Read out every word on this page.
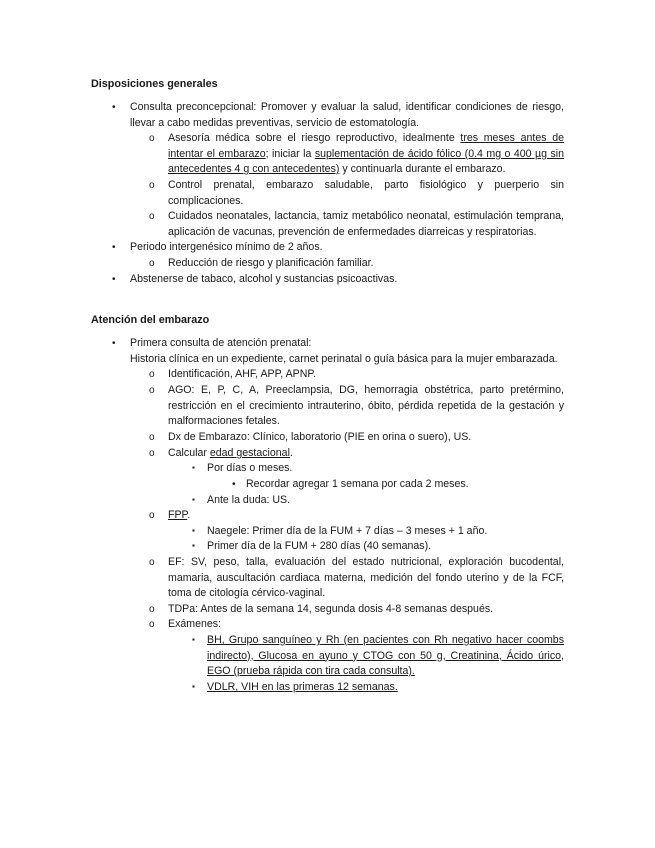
Disposiciones generales
• Consulta preconcepcional: Promover y evaluar la salud, identificar condiciones de riesgo, llevar a cabo medidas preventivas, servicio de estomatología.
o Asesoría médica sobre el riesgo reproductivo, idealmente tres meses antes de intentar el embarazo; iniciar la suplementación de ácido fólico (0.4 mg o 400 µg sin antecedentes 4 g con antecedentes) y continuarla durante el embarazo.
o Control prenatal, embarazo saludable, parto fisiológico y puerperio sin complicaciones.
o Cuidados neonatales, lactancia, tamiz metabólico neonatal, estimulación temprana, aplicación de vacunas, prevención de enfermedades diarreicas y respiratorias.
• Periodo intergenésico mínimo de 2 años.
o Reducción de riesgo y planificación familiar.
• Abstenerse de tabaco, alcohol y sustancias psicoactivas.
Atención del embarazo
• Primera consulta de atención prenatal:
Historia clínica en un expediente, carnet perinatal o guía básica para la mujer embarazada.
o Identificación, AHF, APP, APNP.
o AGO: E, P, C, A, Preeclampsia, DG, hemorragia obstétrica, parto pretérmino, restricción en el crecimiento intrauterino, óbito, pérdida repetida de la gestación y malformaciones fetales.
o Dx de Embarazo: Clínico, laboratorio (PIE en orina o suero), US.
o Calcular edad gestacional.
▪ Por días o meses.
• Recordar agregar 1 semana por cada 2 meses.
▪ Ante la duda: US.
o FPP.
▪ Naegele: Primer día de la FUM + 7 días – 3 meses + 1 año.
▪ Primer día de la FUM + 280 días (40 semanas).
o EF: SV, peso, talla, evaluación del estado nutricional, exploración bucodental, mamaria, auscultación cardiaca materna, medición del fondo uterino y de la FCF, toma de citología cérvico-vaginal.
o TDPa: Antes de la semana 14, segunda dosis 4-8 semanas después.
o Exámenes:
▪ BH, Grupo sanguíneo y Rh (en pacientes con Rh negativo hacer coombs indirecto), Glucosa en ayuno y CTOG con 50 g, Creatinina, Ácido úrico, EGO (prueba rápida con tira cada consulta).
▪ VDLR, VIH en las primeras 12 semanas.
